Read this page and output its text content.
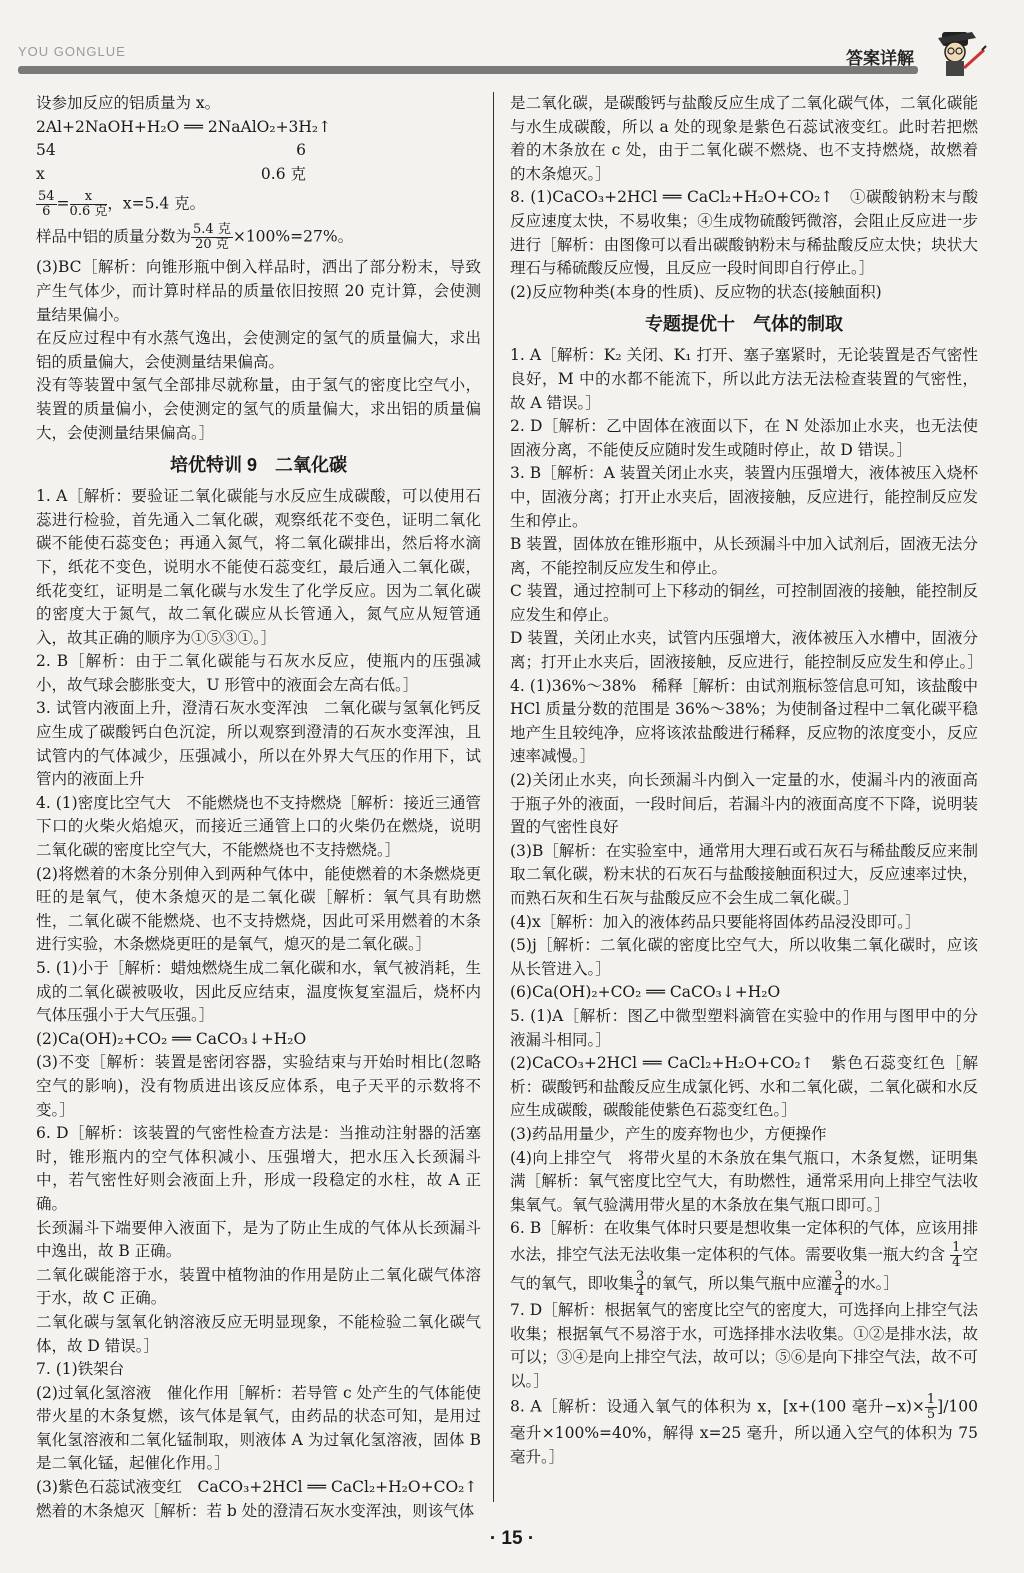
YOU GONGLUE	答案详解

设参加反应的铝质量为 x。

2Al+2NaOH+H₂O ══ 2NaAlO₂+3H₂↑

54	6
x	0.6 克

$\frac{54}{6} = \frac{x}{\text{0.6 克}}$ ，x=5.4 克。

样品中铝的质量分数为 $\frac{\text{5.4 克}}{\text{20 克}} \times 100\%=27\%$。

(3)BC［解析：向锥形瓶中倒入样品时，洒出了部分粉末，导致产生气体少，而计算时样品的质量依旧按照 20 克计算，会使测量结果偏小。

在反应过程中有水蒸气逸出，会使测定的氢气的质量偏大，求出铝的质量偏大，会使测量结果偏高。

没有等装置中氢气全部排尽就称量，由于氢气的密度比空气小，装置的质量偏小，会使测定的氢气的质量偏大，求出铝的质量偏大，会使测量结果偏高。］

培优特训 9　二氧化碳

1. A［解析：要验证二氧化碳能与水反应生成碳酸，可以使用石蕊进行检验，首先通入二氧化碳，观察纸花不变色，证明二氧化碳不能使石蕊变色；再通入氮气，将二氧化碳排出，然后将水滴下，纸花不变色，说明水不能使石蕊变红，最后通入二氧化碳，纸花变红，证明是二氧化碳与水发生了化学反应。因为二氧化碳的密度大于氮气，故二氧化碳应从长管通入，氮气应从短管通入，故其正确的顺序为①⑤③①。］

2. B［解析：由于二氧化碳能与石灰水反应，使瓶内的压强减小，故气球会膨胀变大，U 形管中的液面会左高右低。］

3. 试管内液面上升，澄清石灰水变浑浊　二氧化碳与氢氧化钙反应生成了碳酸钙白色沉淀，所以观察到澄清的石灰水变浑浊，且试管内的气体减少，压强减小，所以在外界大气压的作用下，试管内的液面上升

4. (1)密度比空气大　不能燃烧也不支持燃烧［解析：接近三通管下口的火柴火焰熄灭，而接近三通管上口的火柴仍在燃烧，说明二氧化碳的密度比空气大，不能燃烧也不支持燃烧。］

(2)将燃着的木条分别伸入到两种气体中，能使燃着的木条燃烧更旺的是氧气，使木条熄灭的是二氧化碳［解析：氧气具有助燃性，二氧化碳不能燃烧、也不支持燃烧，因此可采用燃着的木条进行实验，木条燃烧更旺的是氧气，熄灭的是二氧化碳。］

5. (1)小于［解析：蜡烛燃烧生成二氧化碳和水，氧气被消耗，生成的二氧化碳被吸收，因此反应结束，温度恢复室温后，烧杯内气体压强小于大气压强。］

(2)Ca(OH)₂+CO₂ ══ CaCO₃↓+H₂O

(3)不变［解析：装置是密闭容器，实验结束与开始时相比(忽略空气的影响)，没有物质进出该反应体系，电子天平的示数将不变。］

6. D［解析：该装置的气密性检查方法是：当推动注射器的活塞时，锥形瓶内的空气体积减小、压强增大，把水压入长颈漏斗中，若气密性好则会液面上升，形成一段稳定的水柱，故 A 正确。

长颈漏斗下端要伸入液面下，是为了防止生成的气体从长颈漏斗中逸出，故 B 正确。

二氧化碳能溶于水，装置中植物油的作用是防止二氧化碳气体溶于水，故 C 正确。

二氧化碳与氢氧化钠溶液反应无明显现象，不能检验二氧化碳气体，故 D 错误。］

7. (1)铁架台

(2)过氧化氢溶液　催化作用［解析：若导管 c 处产生的气体能使带火星的木条复燃，该气体是氧气，由药品的状态可知，是用过氧化氢溶液和二氧化锰制取，则液体 A 为过氧化氢溶液，固体 B 是二氧化锰，起催化作用。］

(3)紫色石蕊试液变红　CaCO₃+2HCl ══ CaCl₂+H₂O+CO₂↑

燃着的木条熄灭［解析：若 b 处的澄清石灰水变浑浊，则该气体

是二氧化碳，是碳酸钙与盐酸反应生成了二氧化碳气体，二氧化碳能与水生成碳酸，所以 a 处的现象是紫色石蕊试液变红。此时若把燃着的木条放在 c 处，由于二氧化碳不燃烧、也不支持燃烧，故燃着的木条熄灭。］

8. (1)CaCO₃+2HCl ══ CaCl₂+H₂O+CO₂↑　①碳酸钠粉末与酸反应速度太快，不易收集；④生成物硫酸钙微溶，会阻止反应进一步进行［解析：由图像可以看出碳酸钠粉末与稀盐酸反应太快；块状大理石与稀硫酸反应慢，且反应一段时间即自行停止。］

(2)反应物种类(本身的性质)、反应物的状态(接触面积)

专题提优十　气体的制取

1. A［解析：K₂ 关闭、K₁ 打开、塞子塞紧时，无论装置是否气密性良好，M 中的水都不能流下，所以此方法无法检查装置的气密性，故 A 错误。］

2. D［解析：乙中固体在液面以下，在 N 处添加止水夹，也无法使固液分离，不能使反应随时发生或随时停止，故 D 错误。］

3. B［解析：A 装置关闭止水夹，装置内压强增大，液体被压入烧杯中，固液分离；打开止水夹后，固液接触，反应进行，能控制反应发生和停止。

B 装置，固体放在锥形瓶中，从长颈漏斗中加入试剂后，固液无法分离，不能控制反应发生和停止。

C 装置，通过控制可上下移动的铜丝，可控制固液的接触，能控制反应发生和停止。

D 装置，关闭止水夹，试管内压强增大，液体被压入水槽中，固液分离；打开止水夹后，固液接触，反应进行，能控制反应发生和停止。］

4. (1)36%～38%　稀释［解析：由试剂瓶标签信息可知，该盐酸中 HCl 质量分数的范围是 36%～38%；为使制备过程中二氧化碳平稳地产生且较纯净，应将该浓盐酸进行稀释，反应物的浓度变小，反应速率减慢。］

(2)关闭止水夹，向长颈漏斗内倒入一定量的水，使漏斗内的液面高于瓶子外的液面，一段时间后，若漏斗内的液面高度不下降，说明装置的气密性良好

(3)B［解析：在实验室中，通常用大理石或石灰石与稀盐酸反应来制取二氧化碳，粉末状的石灰石与盐酸接触面积过大，反应速率过快，而熟石灰和生石灰与盐酸反应不会生成二氧化碳。］

(4)x［解析：加入的液体药品只要能将固体药品浸没即可。］

(5)j［解析：二氧化碳的密度比空气大，所以收集二氧化碳时，应该从长管进入。］

(6)Ca(OH)₂+CO₂ ══ CaCO₃↓+H₂O

5. (1)A［解析：图乙中微型塑料滴管在实验中的作用与图甲中的分液漏斗相同。］

(2)CaCO₃+2HCl ══ CaCl₂+H₂O+CO₂↑　紫色石蕊变红色［解析：碳酸钙和盐酸反应生成氯化钙、水和二氧化碳，二氧化碳和水反应生成碳酸，碳酸能使紫色石蕊变红色。］

(3)药品用量少，产生的废弃物也少，方便操作

(4)向上排空气　将带火星的木条放在集气瓶口，木条复燃，证明集满［解析：氧气密度比空气大，有助燃性，通常采用向上排空气法收集氧气。氧气验满用带火星的木条放在集气瓶口即可。］

6. B［解析：在收集气体时只要是想收集一定体积的气体，应该用排水法，排空气法无法收集一定体积的气体。需要收集一瓶大约含 $\frac{1}{4}$ 空气的氧气，即收集 $\frac{3}{4}$ 的氧气，所以集气瓶中应灌 $\frac{3}{4}$ 的水。］

7. D［解析：根据氧气的密度比空气的密度大，可选择向上排空气法收集；根据氧气不易溶于水，可选择排水法收集。①②是排水法，故可以；③④是向上排空气法，故可以；⑤⑥是向下排空气法，故不可以。］

8. A［解析：设通入氧气的体积为 x，[x+(100 毫升$-x)\times \frac{1}{5} ]/100$ 毫升×100%=40%，解得 x=25 毫升，所以通入空气的体积为 75 毫升。］

· 15 ·
